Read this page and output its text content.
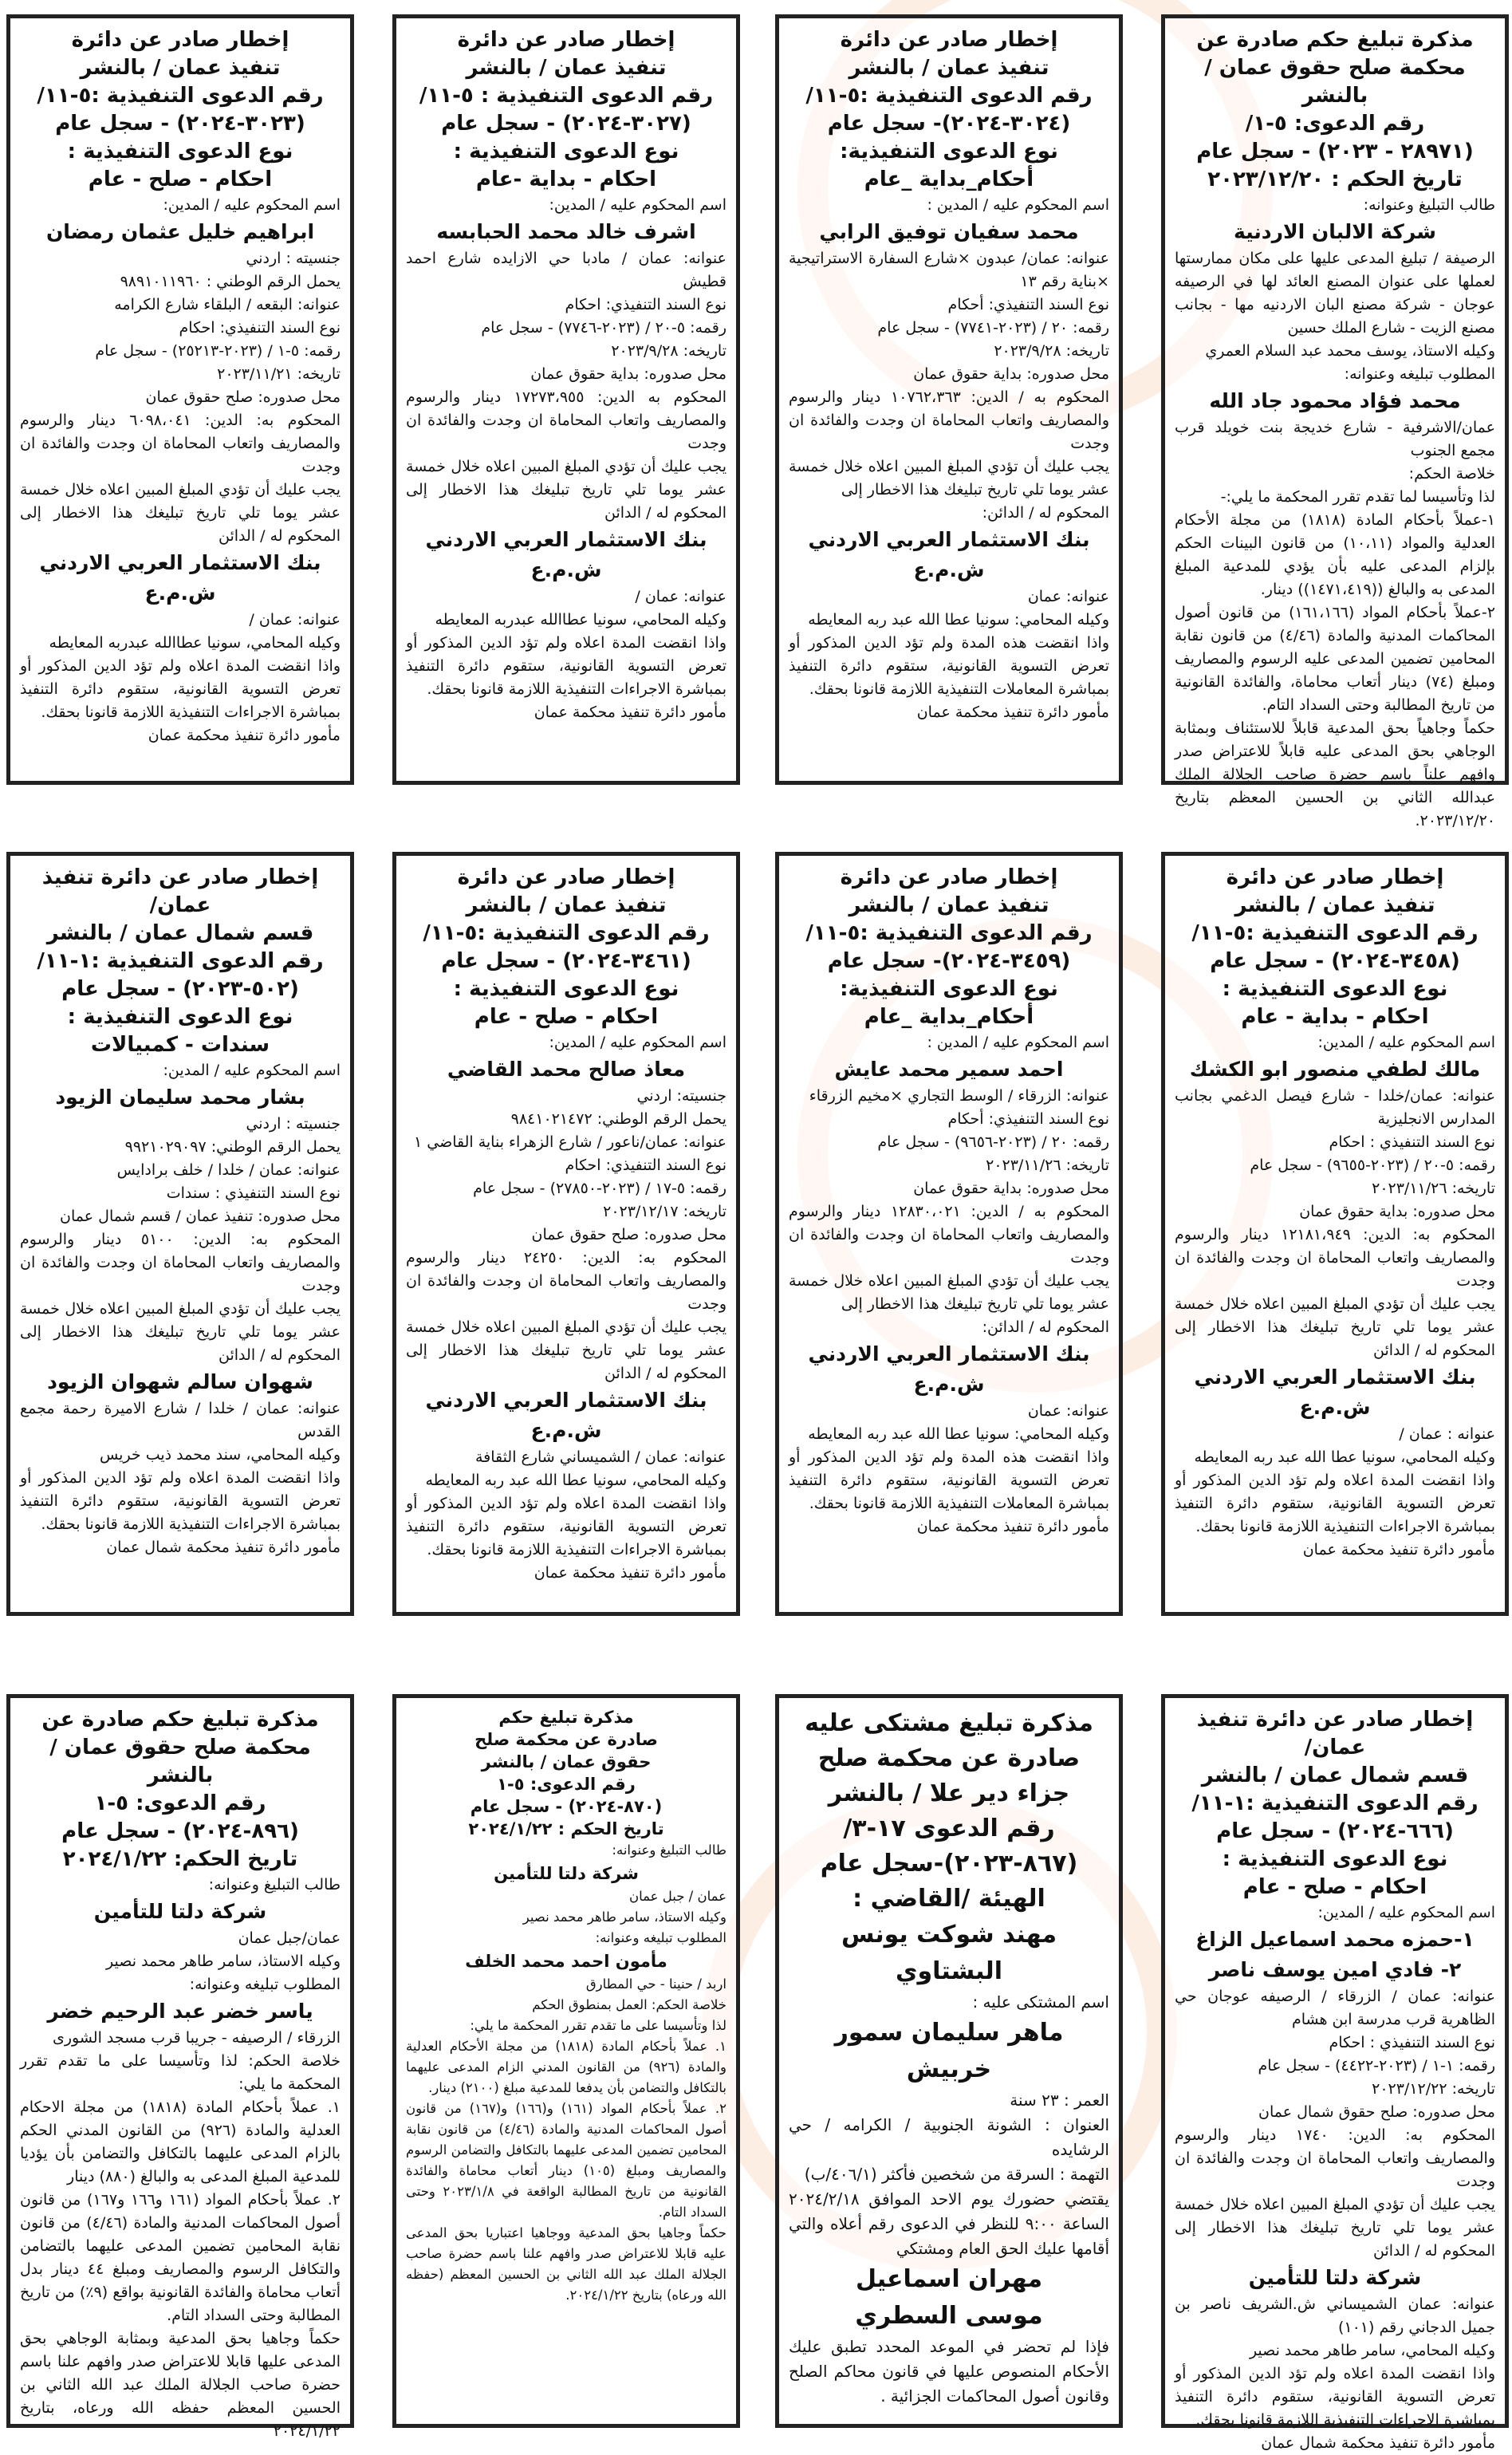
مذكرة تبليغ حكم صادرة عن
محكمة صلح حقوق عمان / بالنشر
رقم الدعوى: ٥-١/
(٢٨٩٧١ - ٢٠٢٣) - سجل عام
تاريخ الحكم : ٢٠٢٣/١٢/٢٠
طالب التبليغ وعنوانه:
شركة الالبان الاردنية
الرصيفة / تبليغ المدعى عليها على مكان ممارستها لعملها على عنوان المصنع العائد لها في الرصيفه عوجان - شركة مصنع البان الاردنيه مها - بجانب مصنع الزيت - شارع الملك حسين
وكيله الاستاذ، يوسف محمد عبد السلام العمري
المطلوب تبليغه وعنوانه:
محمد فؤاد محمود جاد الله
عمان/الاشرفية - شارع خديجة بنت خويلد قرب مجمع الجنوب
خلاصة الحكم:
لذا وتأسيسا لما تقدم تقرر المحكمة ما يلي:-
١-عملاً بأحكام المادة (١٨١٨) من مجلة الأحكام العدلية والمواد (١٠،١١) من قانون البينات الحكم بإلزام المدعى عليه بأن يؤدي للمدعية المبلغ المدعى به والبالغ ((١٤٧١،٤١٩)) دينار.
٢-عملاً بأحكام المواد (١٦١،١٦٦) من قانون أصول المحاكمات المدنية والمادة (٤/٤٦) من قانون نقابة المحامين تضمين المدعى عليه الرسوم والمصاريف ومبلغ (٧٤) دينار أتعاب محاماة، والفائدة القانونية من تاريخ المطالبة وحتى السداد التام.
حكماً وجاهياً بحق المدعية قابلاً للاستئناف وبمثابة الوجاهي بحق المدعى عليه قابلاً للاعتراض صدر وافهم علناً باسم حضرة صاحب الجلالة الملك عبدالله الثاني بن الحسين المعظم بتاريخ ٢٠٢٣/١٢/٢٠.
إخطار صادر عن دائرة
تنفيذ عمان / بالنشر
رقم الدعوى التنفيذية :٥-١١/
(٣٠٢٤-٢٠٢٤)- سجل عام
نوع الدعوى التنفيذية:
أحكام_بداية _عام
اسم المحكوم عليه / المدين :
محمد سفيان توفيق الرابي
عنوانه: عمان/ عبدون ×شارع السفارة الاستراتيجية ×بناية رقم ١٣
نوع السند التنفيذي: أحكام
رقمه: ٢٠ / (٢٠٢٣-٧٧٤١) - سجل عام
تاريخه: ٢٠٢٣/٩/٢٨
محل صدوره: بداية حقوق عمان
المحكوم به / الدين: ١٠٧٦٢،٣٦٣ دينار والرسوم والمصاريف واتعاب المحاماة ان وجدت والفائدة ان وجدت
يجب عليك أن تؤدي المبلغ المبين اعلاه خلال خمسة عشر يوما تلي تاريخ تبليغك هذا الاخطار إلى
المحكوم له / الدائن:
بنك الاستثمار العربي الاردني ش.م.ع
عنوانه: عمان
وكيله المحامي: سونيا عطا الله عبد ربه المعايطه
واذا انقضت هذه المدة ولم تؤد الدين المذكور أو تعرض التسوية القانونية، ستقوم دائرة التنفيذ بمباشرة المعاملات التنفيذية اللازمة قانونا بحقك.
مأمور دائرة تنفيذ محكمة عمان
إخطار صادر عن دائرة
تنفيذ عمان / بالنشر
رقم الدعوى التنفيذية : ٥-١١/
(٣٠٢٧-٢٠٢٤) - سجل عام
نوع الدعوى التنفيذية :
احكام - بداية -عام
اسم المحكوم عليه / المدين:
اشرف خالد محمد الحبابسه
عنوانه: عمان / مادبا حي الازايده شارع احمد قطيش
نوع السند التنفيذي: احكام
رقمه: ٥-٢٠ / (٢٠٢٣-٧٧٤٦) - سجل عام
تاريخه: ٢٠٢٣/٩/٢٨
محل صدوره: بداية حقوق عمان
المحكوم به الدين: ١٧٢٧٣،٩٥٥ دينار والرسوم والمصاريف واتعاب المحاماة ان وجدت والفائدة ان وجدت
يجب عليك أن تؤدي المبلغ المبين اعلاه خلال خمسة عشر يوما تلي تاريخ تبليغك هذا الاخطار إلى المحكوم له / الدائن
بنك الاستثمار العربي الاردني ش.م.ع
عنوانه: عمان /
وكيله المحامي، سونيا عطاالله عبدربه المعايطه
واذا انقضت المدة اعلاه ولم تؤد الدين المذكور أو تعرض التسوية القانونية، ستقوم دائرة التنفيذ بمباشرة الاجراءات التنفيذية اللازمة قانونا بحقك.
مأمور دائرة تنفيذ محكمة عمان
إخطار صادر عن دائرة
تنفيذ عمان / بالنشر
رقم الدعوى التنفيذية :٥-١١/
(٣٠٢٣-٢٠٢٤) - سجل عام
نوع الدعوى التنفيذية :
احكام - صلح - عام
اسم المحكوم عليه / المدين:
ابراهيم خليل عثمان رمضان
جنسيته : اردني
يحمل الرقم الوطني : ٩٨٩١٠١١٩٦٠
عنوانه: البقعه / البلقاء شارع الكرامه
نوع السند التنفيذي: احكام
رقمه: ٥-١ / (٢٠٢٣-٢٥٢١٣) - سجل عام
تاريخه: ٢٠٢٣/١١/٢١
محل صدوره: صلح حقوق عمان
المحكوم به: الدين: ٦٠٩٨،٠٤١ دينار والرسوم والمصاريف واتعاب المحاماة ان وجدت والفائدة ان وجدت
يجب عليك أن تؤدي المبلغ المبين اعلاه خلال خمسة عشر يوما تلي تاريخ تبليغك هذا الاخطار إلى المحكوم له / الدائن
بنك الاستثمار العربي الاردني ش.م.ع
عنوانه: عمان /
وكيله المحامي، سونيا عطاالله عبدربه المعايطه
واذا انقضت المدة اعلاه ولم تؤد الدين المذكور أو تعرض التسوية القانونية، ستقوم دائرة التنفيذ بمباشرة الاجراءات التنفيذية اللازمة قانونا بحقك.
مأمور دائرة تنفيذ محكمة عمان
إخطار صادر عن دائرة
تنفيذ عمان / بالنشر
رقم الدعوى التنفيذية :٥-١١/
(٣٤٥٨-٢٠٢٤) - سجل عام
نوع الدعوى التنفيذية :
احكام - بداية - عام
اسم المحكوم عليه / المدين:
مالك لطفي منصور ابو الكشك
عنوانه: عمان/خلدا - شارع فيصل الدغمي بجانب المدارس الانجليزية
نوع السند التنفيذي : احكام
رقمه: ٥-٢٠ / (٢٠٢٣-٩٦٥٥) - سجل عام
تاريخه: ٢٠٢٣/١١/٢٦
محل صدوره: بداية حقوق عمان
المحكوم به: الدين: ١٢١٨١،٩٤٩ دينار والرسوم والمصاريف واتعاب المحاماة ان وجدت والفائدة ان وجدت
يجب عليك أن تؤدي المبلغ المبين اعلاه خلال خمسة عشر يوما تلي تاريخ تبليغك هذا الاخطار إلى المحكوم له / الدائن
بنك الاستثمار العربي الاردني ش.م.ع
عنوانه : عمان /
وكيله المحامي، سونيا عطا الله عبد ربه المعايطه
واذا انقضت المدة اعلاه ولم تؤد الدين المذكور أو تعرض التسوية القانونية، ستقوم دائرة التنفيذ بمباشرة الاجراءات التنفيذية اللازمة قانونا بحقك.
مأمور دائرة تنفيذ محكمة عمان
إخطار صادر عن دائرة
تنفيذ عمان / بالنشر
رقم الدعوى التنفيذية :٥-١١/
(٣٤٥٩-٢٠٢٤)- سجل عام
نوع الدعوى التنفيذية:
أحكام_بداية _عام
اسم المحكوم عليه / المدين :
احمد سمير محمد عايش
عنوانه: الزرقاء / الوسط التجاري ×مخيم الزرقاء
نوع السند التنفيذي: أحكام
رقمه: ٢٠ / (٢٠٢٣-٩٦٥٦) - سجل عام
تاريخه: ٢٠٢٣/١١/٢٦
محل صدوره: بداية حقوق عمان
المحكوم به / الدين: ١٢٨٣٠،٠٢١ دينار والرسوم والمصاريف واتعاب المحاماة ان وجدت والفائدة ان وجدت
يجب عليك أن تؤدي المبلغ المبين اعلاه خلال خمسة عشر يوما تلي تاريخ تبليغك هذا الاخطار إلى
المحكوم له / الدائن:
بنك الاستثمار العربي الاردني ش.م.ع
عنوانه: عمان
وكيله المحامي: سونيا عطا الله عبد ربه المعايطه
واذا انقضت هذه المدة ولم تؤد الدين المذكور أو تعرض التسوية القانونية، ستقوم دائرة التنفيذ بمباشرة المعاملات التنفيذية اللازمة قانونا بحقك.
مأمور دائرة تنفيذ محكمة عمان
إخطار صادر عن دائرة
تنفيذ عمان / بالنشر
رقم الدعوى التنفيذية :٥-١١/
(٣٤٦١-٢٠٢٤) - سجل عام
نوع الدعوى التنفيذية :
احكام - صلح - عام
اسم المحكوم عليه / المدين:
معاذ صالح محمد القاضي
جنسيته: اردني
يحمل الرقم الوطني: ٩٨٤١٠٢١٤٧٢
عنوانه: عمان/ناعور / شارع الزهراء بناية القاضي ١
نوع السند التنفيذي: احكام
رقمه: ٥-١٧ / (٢٠٢٣-٢٧٨٥٠) - سجل عام
تاريخه: ٢٠٢٣/١٢/١٧
محل صدوره: صلح حقوق عمان
المحكوم به: الدين: ٢٤٢٥٠ دينار والرسوم والمصاريف واتعاب المحاماة ان وجدت والفائدة ان وجدت
يجب عليك أن تؤدي المبلغ المبين اعلاه خلال خمسة عشر يوما تلي تاريخ تبليغك هذا الاخطار إلى المحكوم له / الدائن
بنك الاستثمار العربي الاردني ش.م.ع
عنوانه: عمان / الشميساني شارع الثقافة
وكيله المحامي، سونيا عطا الله عبد ربه المعايطه
واذا انقضت المدة اعلاه ولم تؤد الدين المذكور أو تعرض التسوية القانونية، ستقوم دائرة التنفيذ بمباشرة الاجراءات التنفيذية اللازمة قانونا بحقك.
مأمور دائرة تنفيذ محكمة عمان
إخطار صادر عن دائرة تنفيذ عمان/
قسم شمال عمان / بالنشر
رقم الدعوى التنفيذية :١-١١/
(٥٠٢-٢٠٢٣) - سجل عام
نوع الدعوى التنفيذية :
سندات - كمبيالات
اسم المحكوم عليه / المدين:
بشار محمد سليمان الزيود
جنسيته : اردني
يحمل الرقم الوطني: ٩٩٢١٠٢٩٠٩٧
عنوانه: عمان / خلدا / خلف برادايس
نوع السند التنفيذي : سندات
محل صدوره: تنفيذ عمان / قسم شمال عمان
المحكوم به: الدين: ٥١٠٠ دينار والرسوم والمصاريف واتعاب المحاماة ان وجدت والفائدة ان وجدت
يجب عليك أن تؤدي المبلغ المبين اعلاه خلال خمسة عشر يوما تلي تاريخ تبليغك هذا الاخطار إلى المحكوم له / الدائن
شهوان سالم شهوان الزيود
عنوانه: عمان / خلدا / شارع الاميرة رحمة مجمع القدس
وكيله المحامي، سند محمد ذيب خريس
واذا انقضت المدة اعلاه ولم تؤد الدين المذكور أو تعرض التسوية القانونية، ستقوم دائرة التنفيذ بمباشرة الاجراءات التنفيذية اللازمة قانونا بحقك.
مأمور دائرة تنفيذ محكمة شمال عمان
إخطار صادر عن دائرة تنفيذ عمان/
قسم شمال عمان / بالنشر
رقم الدعوى التنفيذية :١-١١/
(٦٦٦-٢٠٢٤) - سجل عام
نوع الدعوى التنفيذية :
احكام - صلح - عام
اسم المحكوم عليه / المدين:
١-حمزه محمد اسماعيل الزاغ
٢- فادي امين يوسف ناصر
عنوانه: عمان / الزرقاء / الرصيفه عوجان حي الظاهرية قرب مدرسة ابن هشام
نوع السند التنفيذي : احكام
رقمه: ١-١ / (٢٠٢٣-٤٤٢٢) - سجل عام
تاريخه: ٢٠٢٣/١٢/٢٢
محل صدوره: صلح حقوق شمال عمان
المحكوم به: الدين: ١٧٤٠ دينار والرسوم والمصاريف واتعاب المحاماة ان وجدت والفائدة ان وجدت
يجب عليك أن تؤدي المبلغ المبين اعلاه خلال خمسة عشر يوما تلي تاريخ تبليغك هذا الاخطار إلى المحكوم له / الدائن
شركة دلتا للتأمين
عنوانه: عمان الشميساني ش.الشريف ناصر بن جميل الدجاني رقم (١٠١)
وكيله المحامي، سامر طاهر محمد نصير
واذا انقضت المدة اعلاه ولم تؤد الدين المذكور أو تعرض التسوية القانونية، ستقوم دائرة التنفيذ بمباشرة الاجراءات التنفيذية اللازمة قانونا بحقك.
مأمور دائرة تنفيذ محكمة شمال عمان
مذكرة تبليغ مشتكى عليه
صادرة عن محكمة صلح
جزاء دير علا / بالنشر
رقم الدعوى ١٧-٣/
(٨٦٧-٢٠٢٣)-سجل عام
الهيئة /القاضي :
مهند شوكت يونس البشتاوي
اسم المشتكى عليه :
ماهر سليمان سمور خربيش
العمر : ٢٣ سنة
العنوان : الشونة الجنوبية / الكرامه / حي الرشايده
التهمة : السرقة من شخصين فأكثر (٤٠٦/١/ب)
يقتضي حضورك يوم الاحد الموافق ٢٠٢٤/٢/١٨ الساعة ٩:٠٠ للنظر في الدعوى رقم أعلاه والتي أقامها عليك الحق العام ومشتكي
مهران اسماعيل
موسى السطري
فإذا لم تحضر في الموعد المحدد تطبق عليك الأحكام المنصوص عليها في قانون محاكم الصلح وقانون أصول المحاكمات الجزائية .
مذكرة تبليغ حكم
صادرة عن محكمة صلح
حقوق عمان / بالنشر
رقم الدعوى: ٥-١
(٨٧٠-٢٠٢٤) - سجل عام
تاريخ الحكم : ٢٠٢٤/١/٢٢
طالب التبليغ وعنوانه:
شركة دلتا للتأمين
عمان / جبل عمان
وكيله الاستاذ، سامر طاهر محمد نصير
المطلوب تبليغه وعنوانه:
مأمون احمد محمد الخلف
اربد / حنينا - حي المطارق
خلاصة الحكم: العمل بمنطوق الحكم
لذا وتأسيسا على ما تقدم تقرر المحكمة ما يلي:
١. عملاً بأحكام المادة (١٨١٨) من مجلة الأحكام العدلية والمادة (٩٢٦) من القانون المدني الزام المدعى عليهما بالتكافل والتضامن بأن يدفعا للمدعية مبلغ (٢١٠٠) دينار.
٢. عملاً بأحكام المواد (١٦١) و(١٦٦) و(١٦٧) من قانون أصول المحاكمات المدنية والمادة (٤/٤٦) من قانون نقابة المحامين تضمين المدعى عليهما بالتكافل والتضامن الرسوم والمصاريف ومبلغ (١٠٥) دينار أتعاب محاماة والفائدة القانونية من تاريخ المطالبة الواقعة في ٢٠٢٣/١/٨ وحتى السداد التام.
حكماً وجاهيا بحق المدعية ووجاهيا اعتباريا بحق المدعى عليه قابلا للاعتراض صدر وافهم علنا باسم حضرة صاحب الجلالة الملك عبد الله الثاني بن الحسين المعظم (حفظه الله ورعاه) بتاريخ ٢٠٢٤/١/٢٢.
مذكرة تبليغ حكم صادرة عن
محكمة صلح حقوق عمان / بالنشر
رقم الدعوى: ٥-١
(٨٩٦-٢٠٢٤) - سجل عام
تاريخ الحكم: ٢٠٢٤/١/٢٢
طالب التبليغ وعنوانه:
شركة دلتا للتأمين
عمان/جبل عمان
وكيله الاستاذ، سامر طاهر محمد نصير
المطلوب تبليغه وعنوانه:
ياسر خضر عبد الرحيم خضر
الزرقاء / الرصيفه - جريبا قرب مسجد الشورى
خلاصة الحكم: لذا وتأسيسا على ما تقدم تقرر المحكمة ما يلي:
١. عملاً بأحكام المادة (١٨١٨) من مجلة الاحكام العدلية والمادة (٩٢٦) من القانون المدني الحكم بالزام المدعى عليهما بالتكافل والتضامن بأن يؤديا للمدعية المبلغ المدعى به والبالغ (٨٨٠) دينار
٢. عملاً بأحكام المواد (١٦١ و١٦٦ و١٦٧) من قانون أصول المحاكمات المدنية والمادة (٤/٤٦) من قانون نقابة المحامين تضمين المدعى عليهما بالتضامن والتكافل الرسوم والمصاريف ومبلغ ٤٤ دينار بدل أتعاب محاماة والفائدة القانونية بواقع (٩٪) من تاريخ المطالبة وحتى السداد التام.
حكماً وجاهيا بحق المدعية وبمثابة الوجاهي بحق المدعى عليها قابلا للاعتراض صدر وافهم علنا باسم حضرة صاحب الجلالة الملك عبد الله الثاني بن الحسين المعظم حفظه الله ورعاه، بتاريخ ٢٠٢٤/١/٢٢
